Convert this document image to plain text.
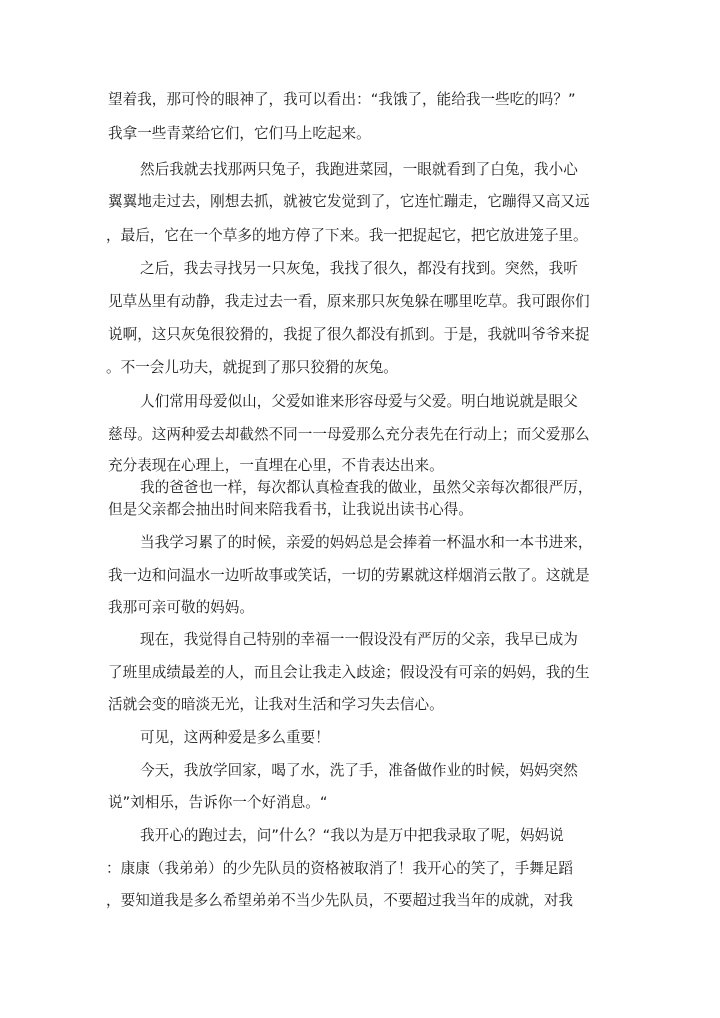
望着我，那可怜的眼神了，我可以看出：“我饿了，能给我一些吃的吗？”
我拿一些青菜给它们，它们马上吃起来。
然后我就去找那两只兔子，我跑进菜园，一眼就看到了白兔，我小心
翼翼地走过去，刚想去抓，就被它发觉到了，它连忙蹦走，它蹦得又高又远
，最后，它在一个草多的地方停了下来。我一把捉起它，把它放进笼子里。
之后，我去寻找另一只灰兔，我找了很久，都没有找到。突然，我听
见草丛里有动静，我走过去一看，原来那只灰兔躲在哪里吃草。我可跟你们
说啊，这只灰兔很狡猾的，我捉了很久都没有抓到。于是，我就叫爷爷来捉
。不一会儿功夫，就捉到了那只狡猾的灰兔。
人们常用母爱似山，父爱如谁来形容母爱与父爱。明白地说就是眼父
慈母。这两种爱去却截然不同一一母爱那么充分表先在行动上；而父爱那么
充分表现在心理上，一直埋在心里，不肯表达出来。
我的爸爸也一样，每次都认真检查我的做业，虽然父亲每次都很严厉，
但是父亲都会抽出时间来陪我看书，让我说出读书心得。
当我学习累了的时候，亲爱的妈妈总是会捧着一杯温水和一本书进来，
我一边和问温水一边听故事或笑话，一切的劳累就这样烟消云散了。这就是
我那可亲可敬的妈妈。
现在，我觉得自己特别的幸福一一假设没有严厉的父亲，我早已成为
了班里成绩最差的人，而且会让我走入歧途；假设没有可亲的妈妈，我的生
活就会变的暗淡无光，让我对生活和学习失去信心。
可见，这两种爱是多么重要！
今天，我放学回家，喝了水，洗了手，准备做作业的时候，妈妈突然
说”刘相乐，告诉你一个好消息。“
我开心的跑过去，问”什么？“我以为是万中把我录取了呢，妈妈说
：康康（我弟弟）的少先队员的资格被取消了！我开心的笑了，手舞足蹈
，要知道我是多么希望弟弟不当少先队员，不要超过我当年的成就，对我
